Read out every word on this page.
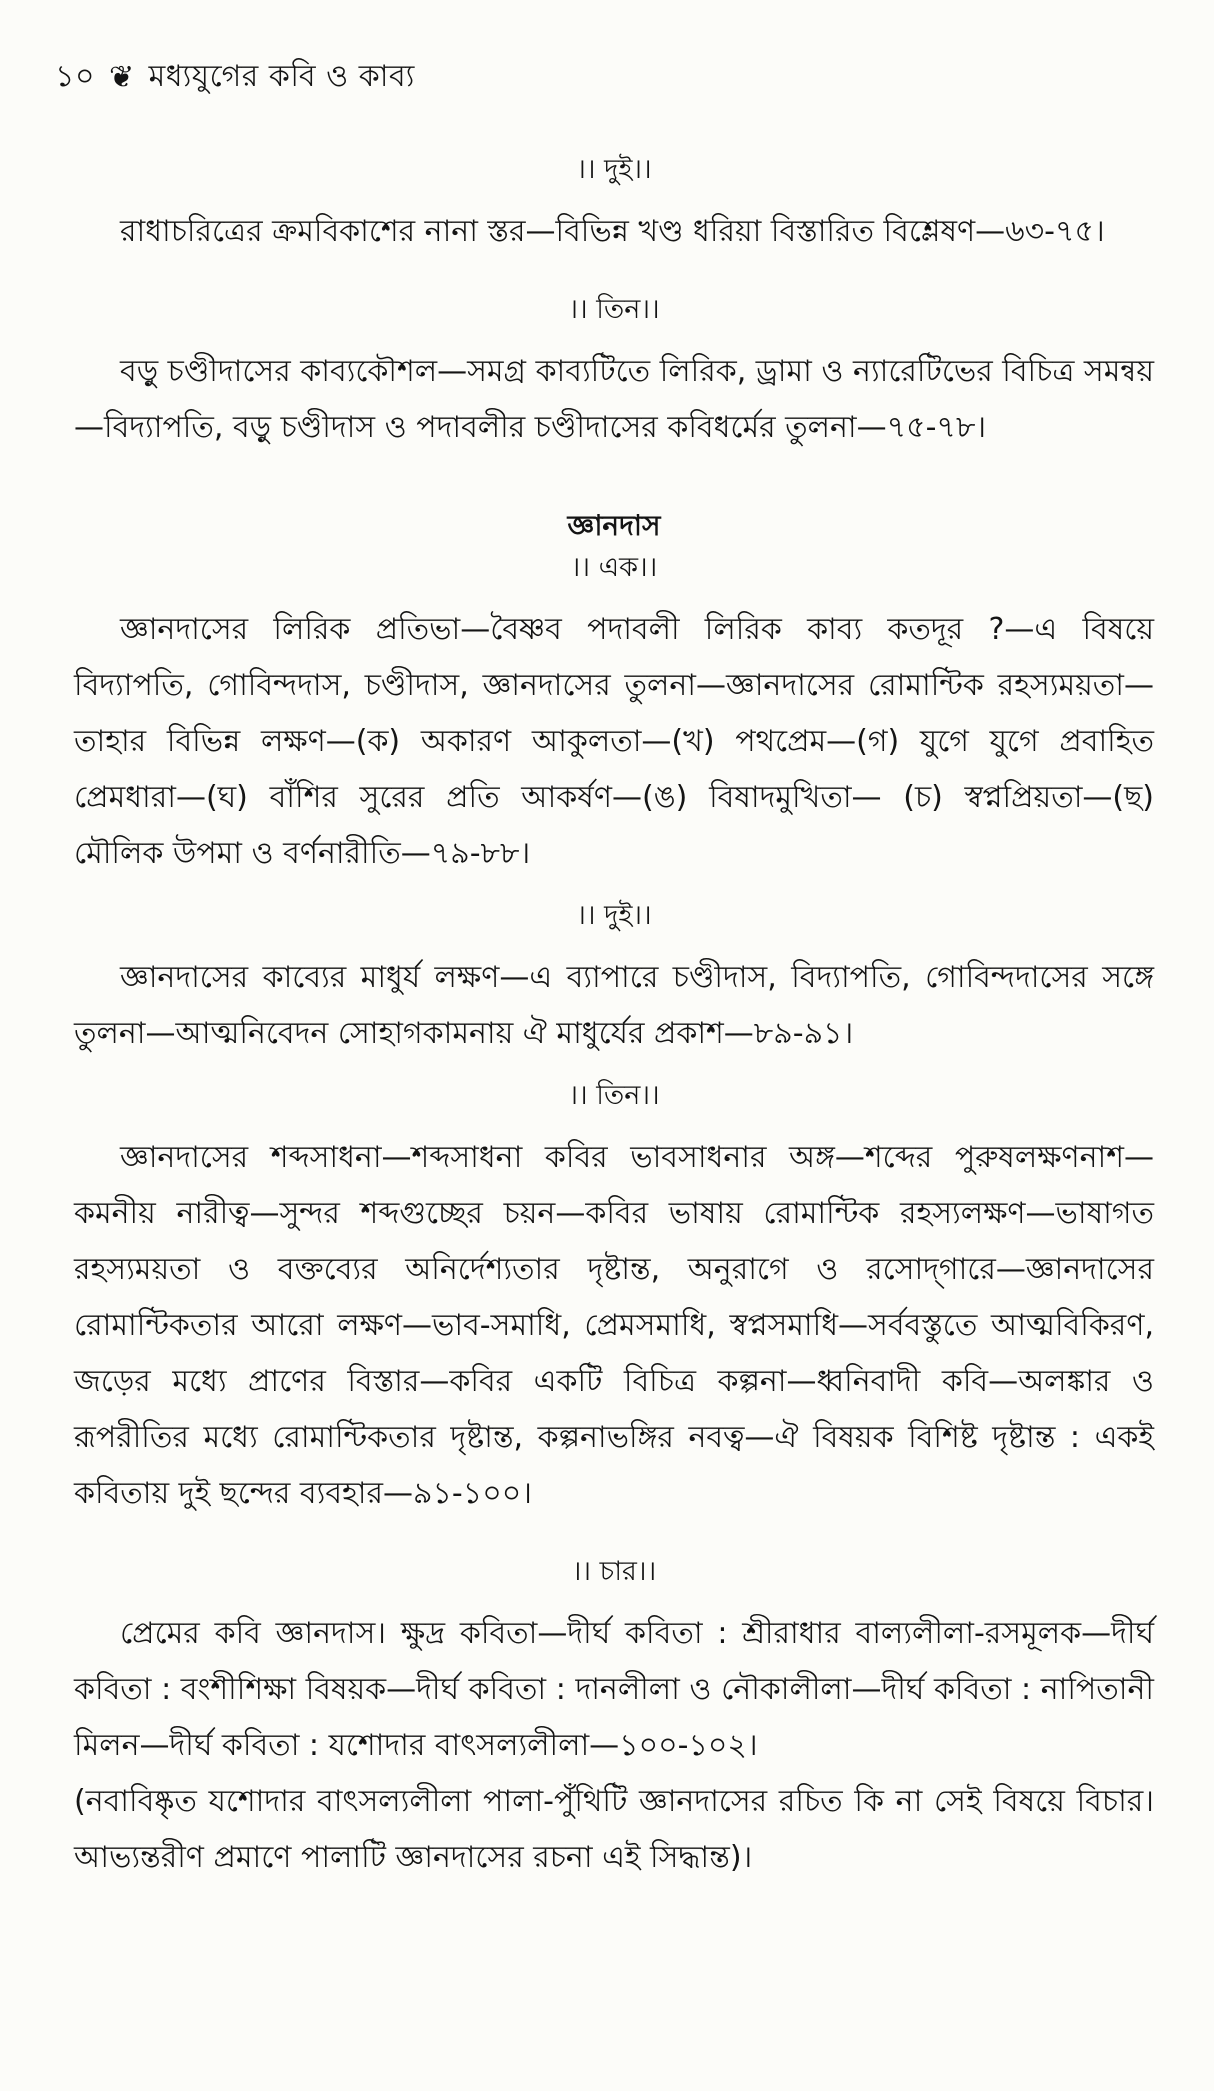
১০ ❦ মধ্যযুগের কবি ও কাব্য

।। দুই।।

রাধাচরিত্রের ক্রমবিকাশের নানা স্তর—বিভিন্ন খণ্ড ধরিয়া বিস্তারিত বিশ্লেষণ—৬৩-৭৫।

।। তিন।।

বড়ু চণ্ডীদাসের কাব্যকৌশল—সমগ্র কাব্যটিতে লিরিক, ড্রামা ও ন্যারেটিভের বিচিত্র সমন্বয়—বিদ্যাপতি, বড়ু চণ্ডীদাস ও পদাবলীর চণ্ডীদাসের কবিধর্মের তুলনা—৭৫-৭৮।

জ্ঞানদাস

।। এক।।

জ্ঞানদাসের লিরিক প্রতিভা—বৈষ্ণব পদাবলী লিরিক কাব্য কতদূর ?—এ বিষয়ে বিদ্যাপতি, গোবিন্দদাস, চণ্ডীদাস, জ্ঞানদাসের তুলনা—জ্ঞানদাসের রোমান্টিক রহস্যময়তা—তাহার বিভিন্ন লক্ষণ—(ক) অকারণ আকুলতা—(খ) পথপ্রেম—(গ) যুগে যুগে প্রবাহিত প্রেমধারা—(ঘ) বাঁশির সুরের প্রতি আকর্ষণ—(ঙ) বিষাদমুখিতা— (চ) স্বপ্নপ্রিয়তা—(ছ) মৌলিক উপমা ও বর্ণনারীতি—৭৯-৮৮।

।। দুই।।

জ্ঞানদাসের কাব্যের মাধুর্য লক্ষণ—এ ব্যাপারে চণ্ডীদাস, বিদ্যাপতি, গোবিন্দদাসের সঙ্গে তুলনা—আত্মনিবেদন সোহাগকামনায় ঐ মাধুর্যের প্রকাশ—৮৯-৯১।

।। তিন।।

জ্ঞানদাসের শব্দসাধনা—শব্দসাধনা কবির ভাবসাধনার অঙ্গ—শব্দের পুরুষলক্ষণনাশ—কমনীয় নারীত্ব—সুন্দর শব্দগুচ্ছের চয়ন—কবির ভাষায় রোমান্টিক রহস্যলক্ষণ—ভাষাগত রহস্যময়তা ও বক্তব্যের অনির্দেশ্যতার দৃষ্টান্ত, অনুরাগে ও রসোদ্‌গারে—জ্ঞানদাসের রোমান্টিকতার আরো লক্ষণ—ভাব-সমাধি, প্রেমসমাধি, স্বপ্নসমাধি—সর্ববস্তুতে আত্মবিকিরণ, জড়ের মধ্যে প্রাণের বিস্তার—কবির একটি বিচিত্র কল্পনা—ধ্বনিবাদী কবি—অলঙ্কার ও রূপরীতির মধ্যে রোমান্টিকতার দৃষ্টান্ত, কল্পনাভঙ্গির নবত্ব—ঐ বিষয়ক বিশিষ্ট দৃষ্টান্ত : একই কবিতায় দুই ছন্দের ব্যবহার—৯১-১০০।

।। চার।।

প্রেমের কবি জ্ঞানদাস। ক্ষুদ্র কবিতা—দীর্ঘ কবিতা : শ্রীরাধার বাল্যলীলা-রসমূলক—দীর্ঘ কবিতা : বংশীশিক্ষা বিষয়ক—দীর্ঘ কবিতা : দানলীলা ও নৌকালীলা—দীর্ঘ কবিতা : নাপিতানী মিলন—দীর্ঘ কবিতা : যশোদার বাৎসল্যলীলা—১০০-১০২।

(নবাবিষ্কৃত যশোদার বাৎসল্যলীলা পালা-পুঁথিটি জ্ঞানদাসের রচিত কি না সেই বিষয়ে বিচার। আভ্যন্তরীণ প্রমাণে পালাটি জ্ঞানদাসের রচনা এই সিদ্ধান্ত)।
